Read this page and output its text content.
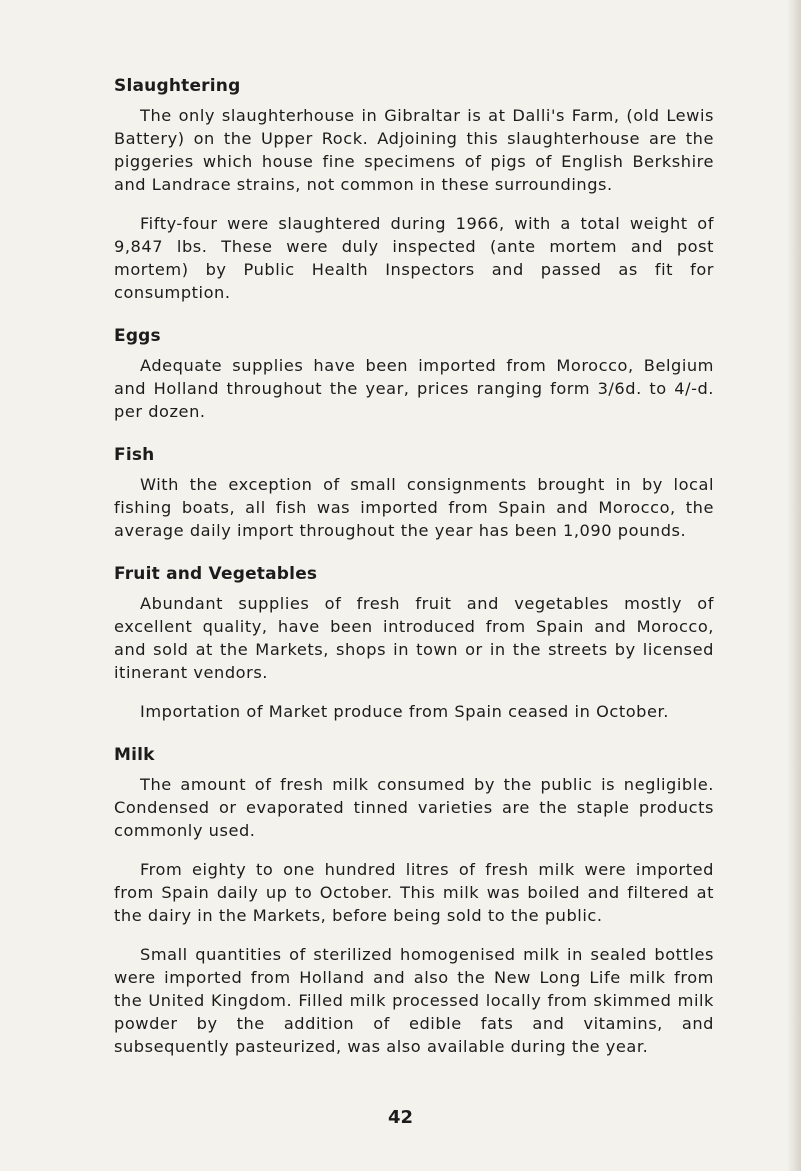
Slaughtering

The only slaughterhouse in Gibraltar is at Dalli's Farm, (old Lewis Battery) on the Upper Rock. Adjoining this slaughterhouse are the piggeries which house fine specimens of pigs of English Berkshire and Landrace strains, not common in these surroundings.

Fifty-four were slaughtered during 1966, with a total weight of 9,847 lbs. These were duly inspected (ante mortem and post mortem) by Public Health Inspectors and passed as fit for consumption.

Eggs

Adequate supplies have been imported from Morocco, Belgium and Holland throughout the year, prices ranging form 3/6d. to 4/-d. per dozen.

Fish

With the exception of small consignments brought in by local fishing boats, all fish was imported from Spain and Morocco, the average daily import throughout the year has been 1,090 pounds.

Fruit and Vegetables

Abundant supplies of fresh fruit and vegetables mostly of excellent quality, have been introduced from Spain and Morocco, and sold at the Markets, shops in town or in the streets by licensed itinerant vendors.

Importation of Market produce from Spain ceased in October.

Milk

The amount of fresh milk consumed by the public is negligible. Condensed or evaporated tinned varieties are the staple products commonly used.

From eighty to one hundred litres of fresh milk were imported from Spain daily up to October. This milk was boiled and filtered at the dairy in the Markets, before being sold to the public.

Small quantities of sterilized homogenised milk in sealed bottles were imported from Holland and also the New Long Life milk from the United Kingdom. Filled milk processed locally from skimmed milk powder by the addition of edible fats and vitamins, and subsequently pasteurized, was also available during the year.

42
